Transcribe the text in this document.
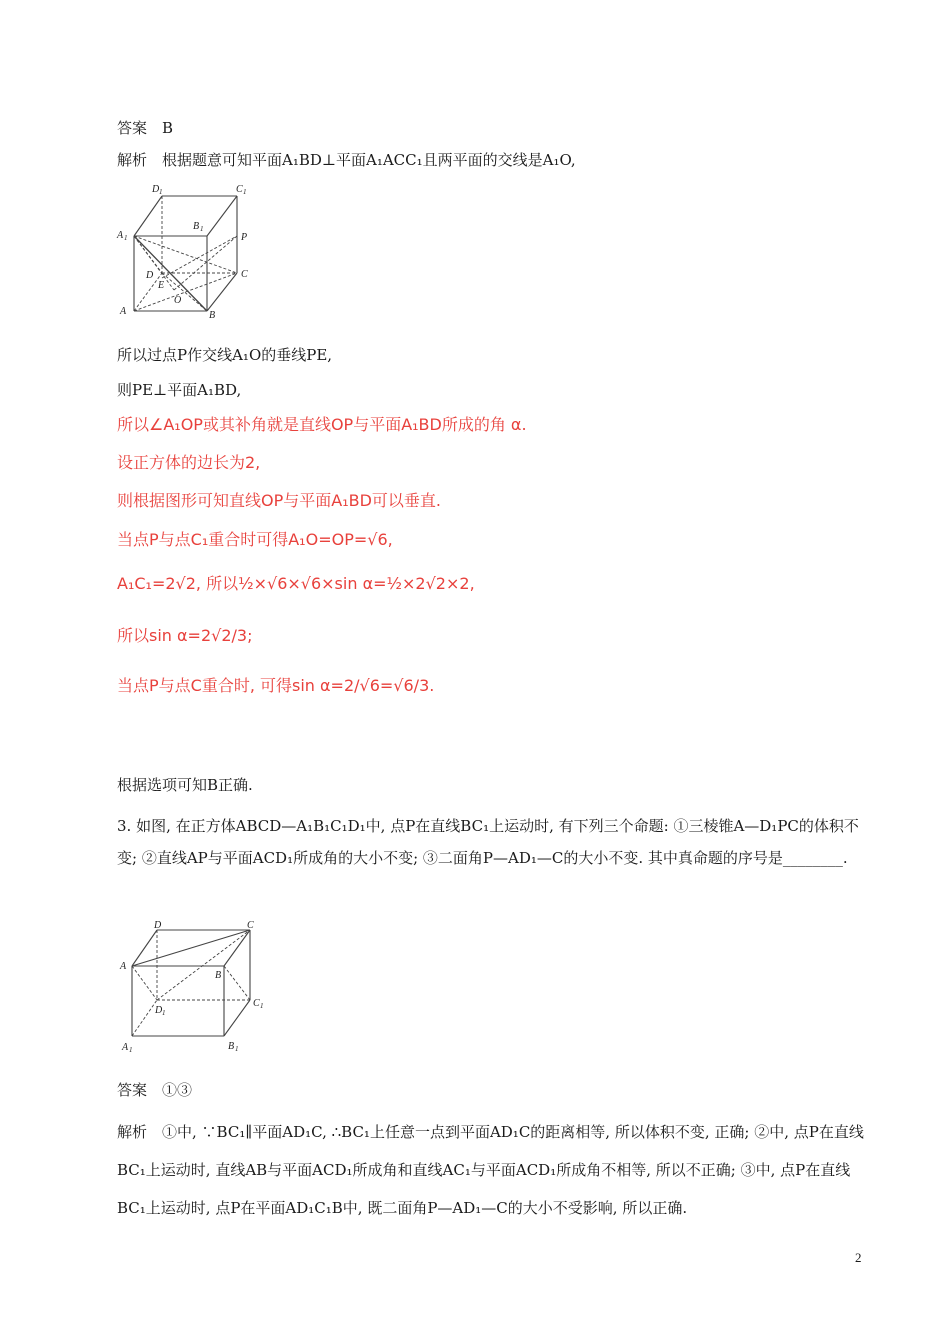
答案　B
解析　根据题意可知平面A₁BD⊥平面A₁ACC₁且两平面的交线是A₁O,
D 1	C 1
B 1
A 1	P
D	C
E
O
A	B
所以过点P作交线A₁O的垂线PE,
则PE⊥平面A₁BD,
所以∠A₁OP或其补角就是直线OP与平面A₁BD所成的角 α.
设正方体的边长为2,
则根据图形可知直线OP与平面A₁BD可以垂直.
当点P与点C₁重合时可得A₁O=OP=√6,
A₁C₁=2√2, 所以½×√6×√6×sin α=½×2√2×2,
所以sin α=2√2/3;
当点P与点C重合时, 可得sin α=2/√6=√6/3.
根据选项可知B正确.
3. 如图, 在正方体ABCD—A₁B₁C₁D₁中, 点P在直线BC₁上运动时, 有下列三个命题: ①三棱锥A—D₁PC的体积不变; ②直线AP与平面ACD₁所成角的大小不变; ③二面角P—AD₁—C的大小不变. 其中真命题的序号是________.
D	C
A
B
D 1
C 1
A 1	B 1
答案　①③
解析　①中, ∵BC₁∥平面AD₁C, ∴BC₁上任意一点到平面AD₁C的距离相等, 所以体积不变, 正确; ②中, 点P在直线BC₁上运动时, 直线AB与平面ACD₁所成角和直线AC₁与平面ACD₁所成角不相等, 所以不正确; ③中, 点P在直线BC₁上运动时, 点P在平面AD₁C₁B中, 既二面角P—AD₁—C的大小不受影响, 所以正确.
2
